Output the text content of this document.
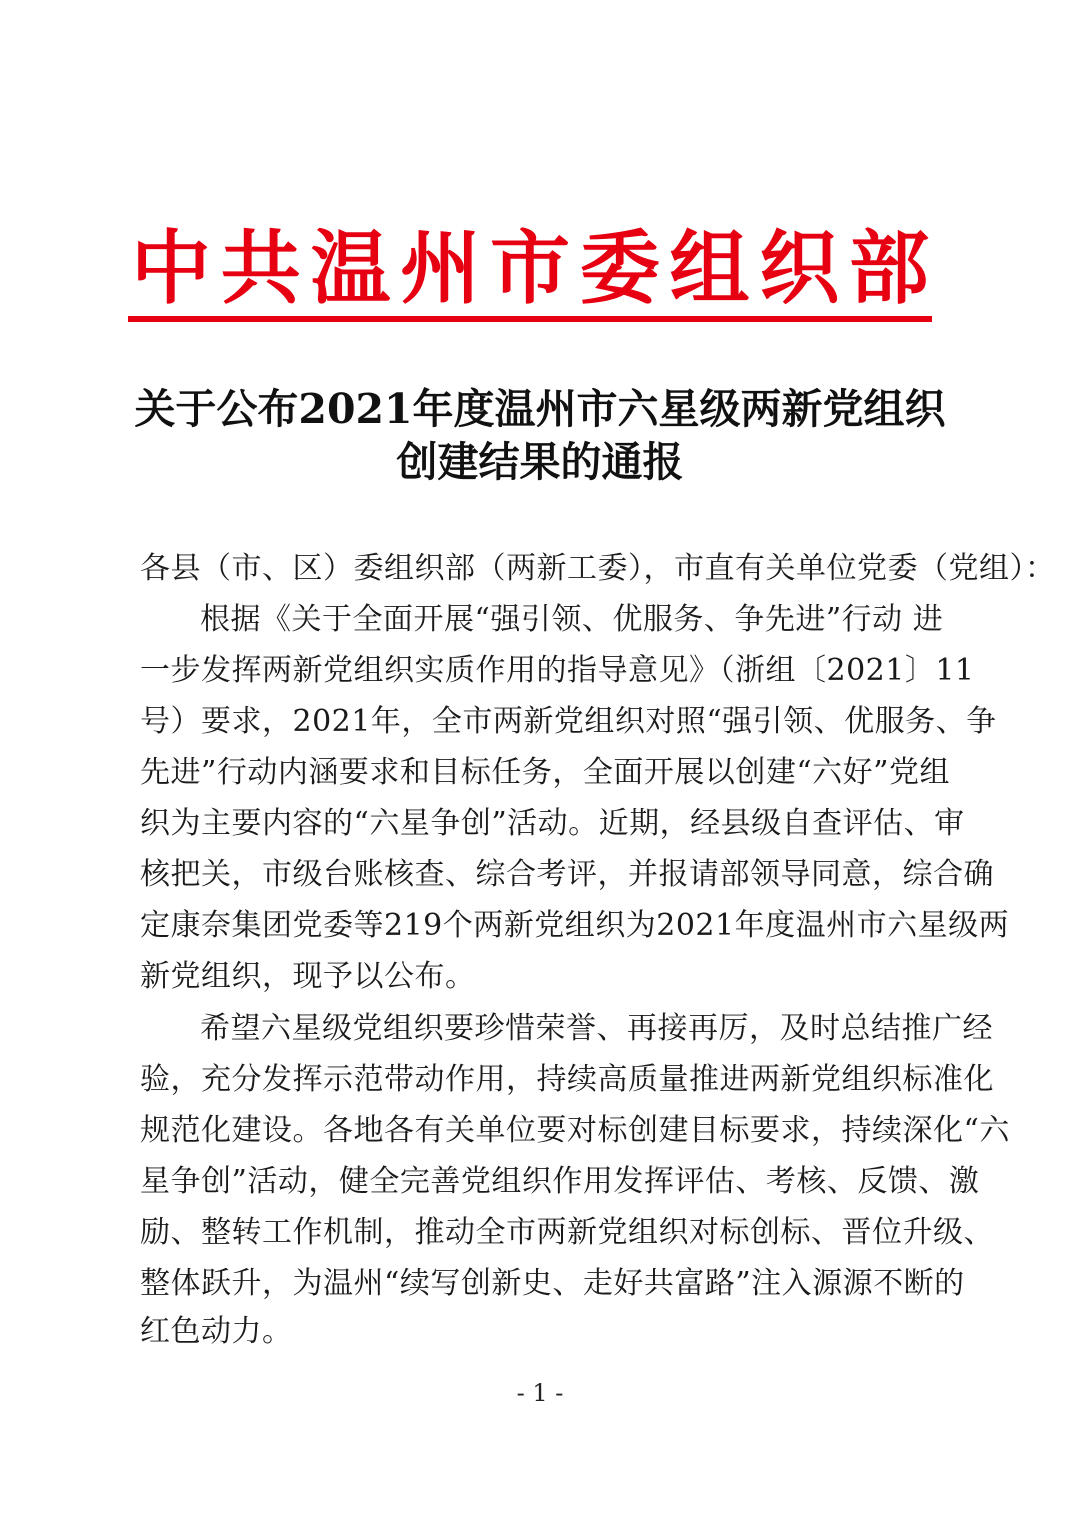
中 共 温 州 市 委 组 织 部
关于公布2021年度温州市六星级两新党组织
创建结果的通报
各县（市、区）委组织部（两新工委），市直有关单位党委（党组）：
根据《关于全面开展“强引领、优服务、争先进”行动 进
一步发挥两新党组织实质作用的指导意见》（浙组〔2021〕11
号）要求，2021年，全市两新党组织对照“强引领、优服务、争
先进”行动内涵要求和目标任务，全面开展以创建“六好”党组
织为主要内容的“六星争创”活动。近期，经县级自查评估、审
核把关，市级台账核查、综合考评，并报请部领导同意，综合确
定康奈集团党委等219个两新党组织为2021年度温州市六星级两
新党组织，现予以公布。
希望六星级党组织要珍惜荣誉、再接再厉，及时总结推广经
验，充分发挥示范带动作用，持续高质量推进两新党组织标准化
规范化建设。各地各有关单位要对标创建目标要求，持续深化“六
星争创”活动，健全完善党组织作用发挥评估、考核、反馈、激
励、整转工作机制，推动全市两新党组织对标创标、晋位升级、
整体跃升，为温州“续写创新史、走好共富路”注入源源不断的
红色动力。
- 1 -
